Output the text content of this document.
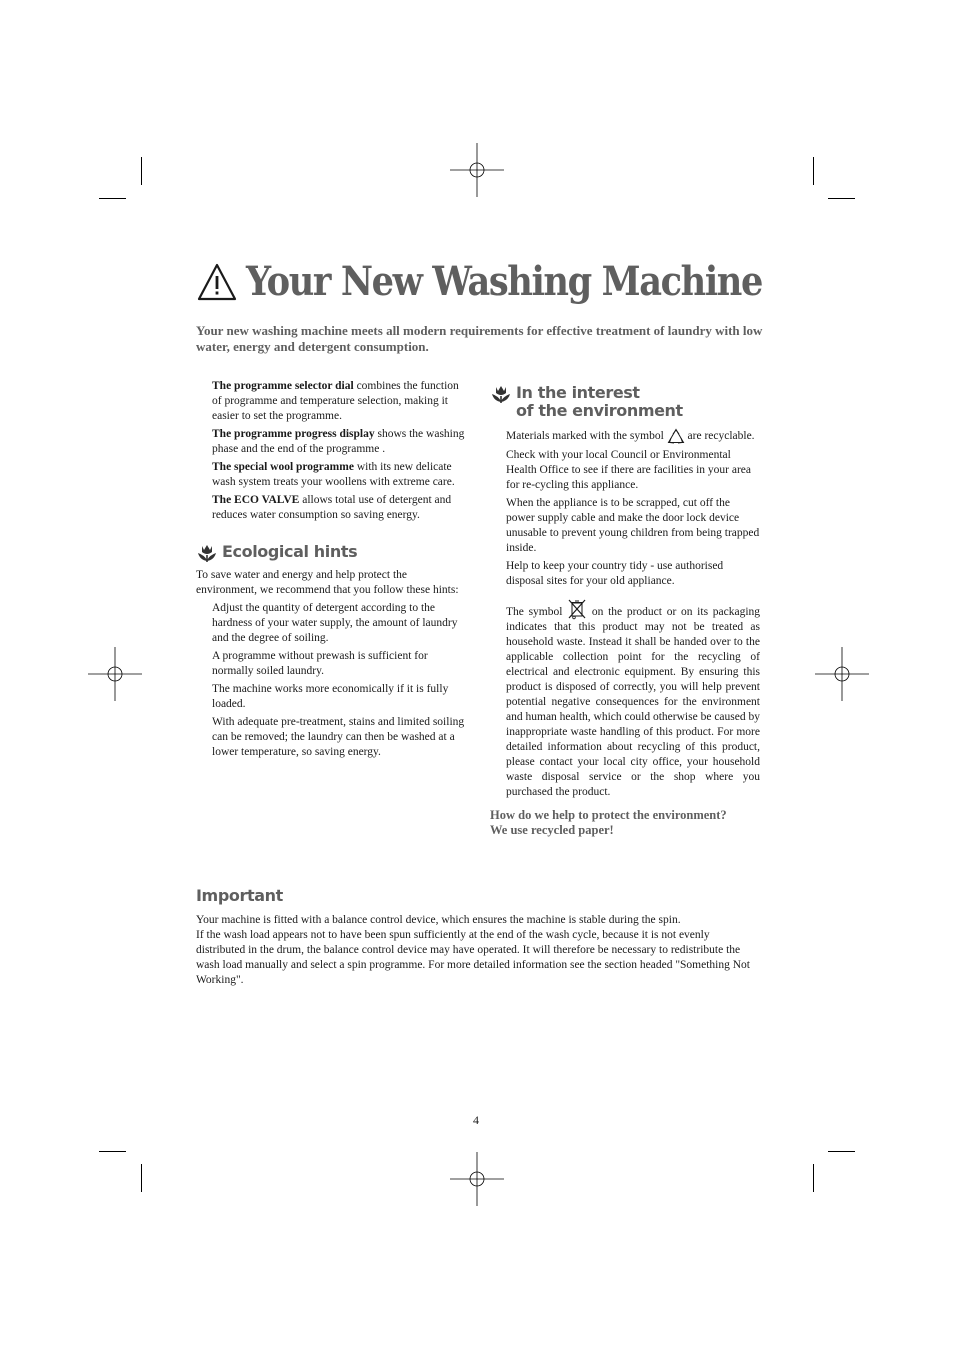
Your New Washing Machine
Your new washing machine meets all modern requirements for effective treatment of laundry with low water, energy and detergent consumption.

The programme selector dial combines the function of programme and temperature selection, making it easier to set the programme.

The programme progress display shows the washing phase and the end of the programme .

The special wool programme with its new delicate wash system treats your woollens with extreme care.

The ECO VALVE allows total use of detergent and reduces water consumption so saving energy.

Ecological hints

To save water and energy and help protect the environment, we recommend that you follow these hints:

Adjust the quantity of detergent according to the hardness of your water supply, the amount of laundry and the degree of soiling.

A programme without prewash is sufficient for normally soiled laundry.

The machine works more economically if it is fully loaded.

With adequate pre-treatment, stains and limited soiling can be removed; the laundry can then be washed at a lower temperature, so saving energy.

In the interest
of the environment

Materials marked with the symbol are recyclable.

Check with your local Council or Environmental Health Office to see if there are facilities in your area for re-cycling this appliance.

When the appliance is to be scrapped, cut off the power supply cable and make the door lock device unusable to prevent young children from being trapped inside.

Help to keep your country tidy - use authorised disposal sites for your old appliance.

The symbol	on the product or on its packaging indicates that this product may not be treated as household waste. Instead it shall be handed over to the applicable collection point for the recycling of electrical and electronic equipment. By ensuring this product is disposed of correctly, you will help prevent potential negative consequences for the environment and human health, which could otherwise be caused by inappropriate waste handling of this product. For more detailed information about recycling of this product, please contact your local city office, your household waste disposal service or the shop where you purchased the product.

How do we help to protect the environment?
We use recycled paper!
Important

Your machine is fitted with a balance control device, which ensures the machine is stable during the spin.

If the wash load appears not to have been spun sufficiently at the end of the wash cycle, because it is not evenly distributed in the drum, the balance control device may have operated. It will therefore be necessary to redistribute the wash load manually and select a spin programme. For more detailed information see the section headed "Something Not Working".

4
